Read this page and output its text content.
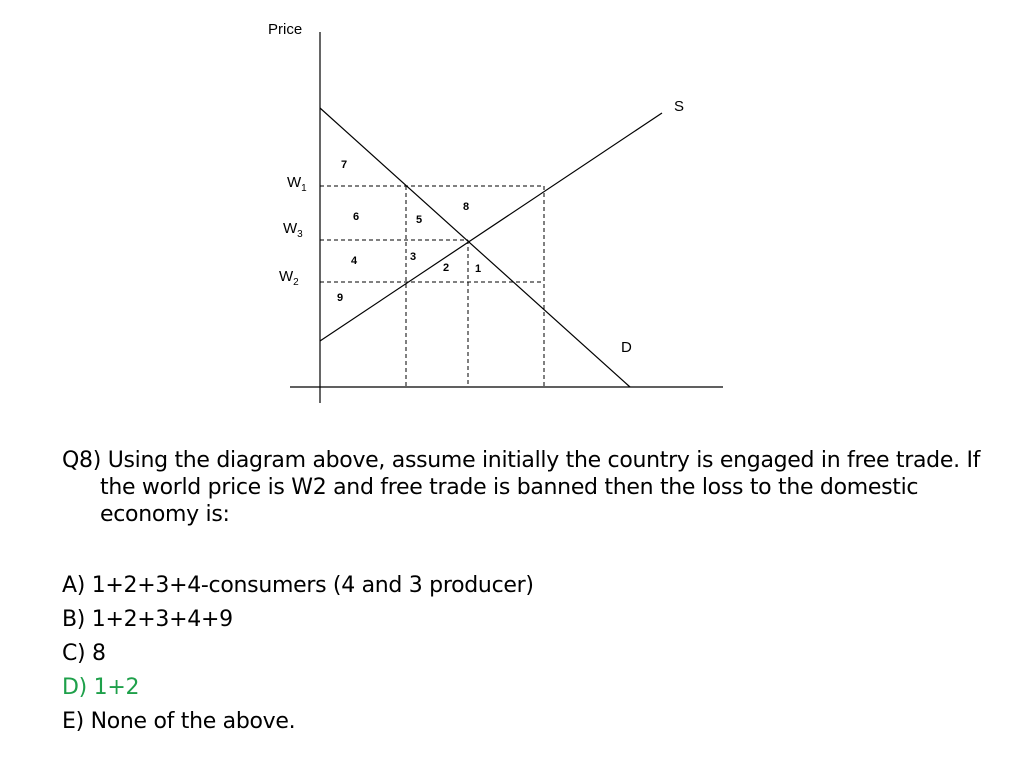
Price
S
D
$W_1$
$W_3$
$W_2$
7
6	5
8
4	3
2 1
9

Q8) Using the diagram above, assume initially the country is engaged in free trade. If the world price is W2 and free trade is banned then the loss to the domestic economy is:

A) 1+2+3+4-consumers (4 and 3 producer)
B) 1+2+3+4+9
C) 8
D) 1+2
E) None of the above.
